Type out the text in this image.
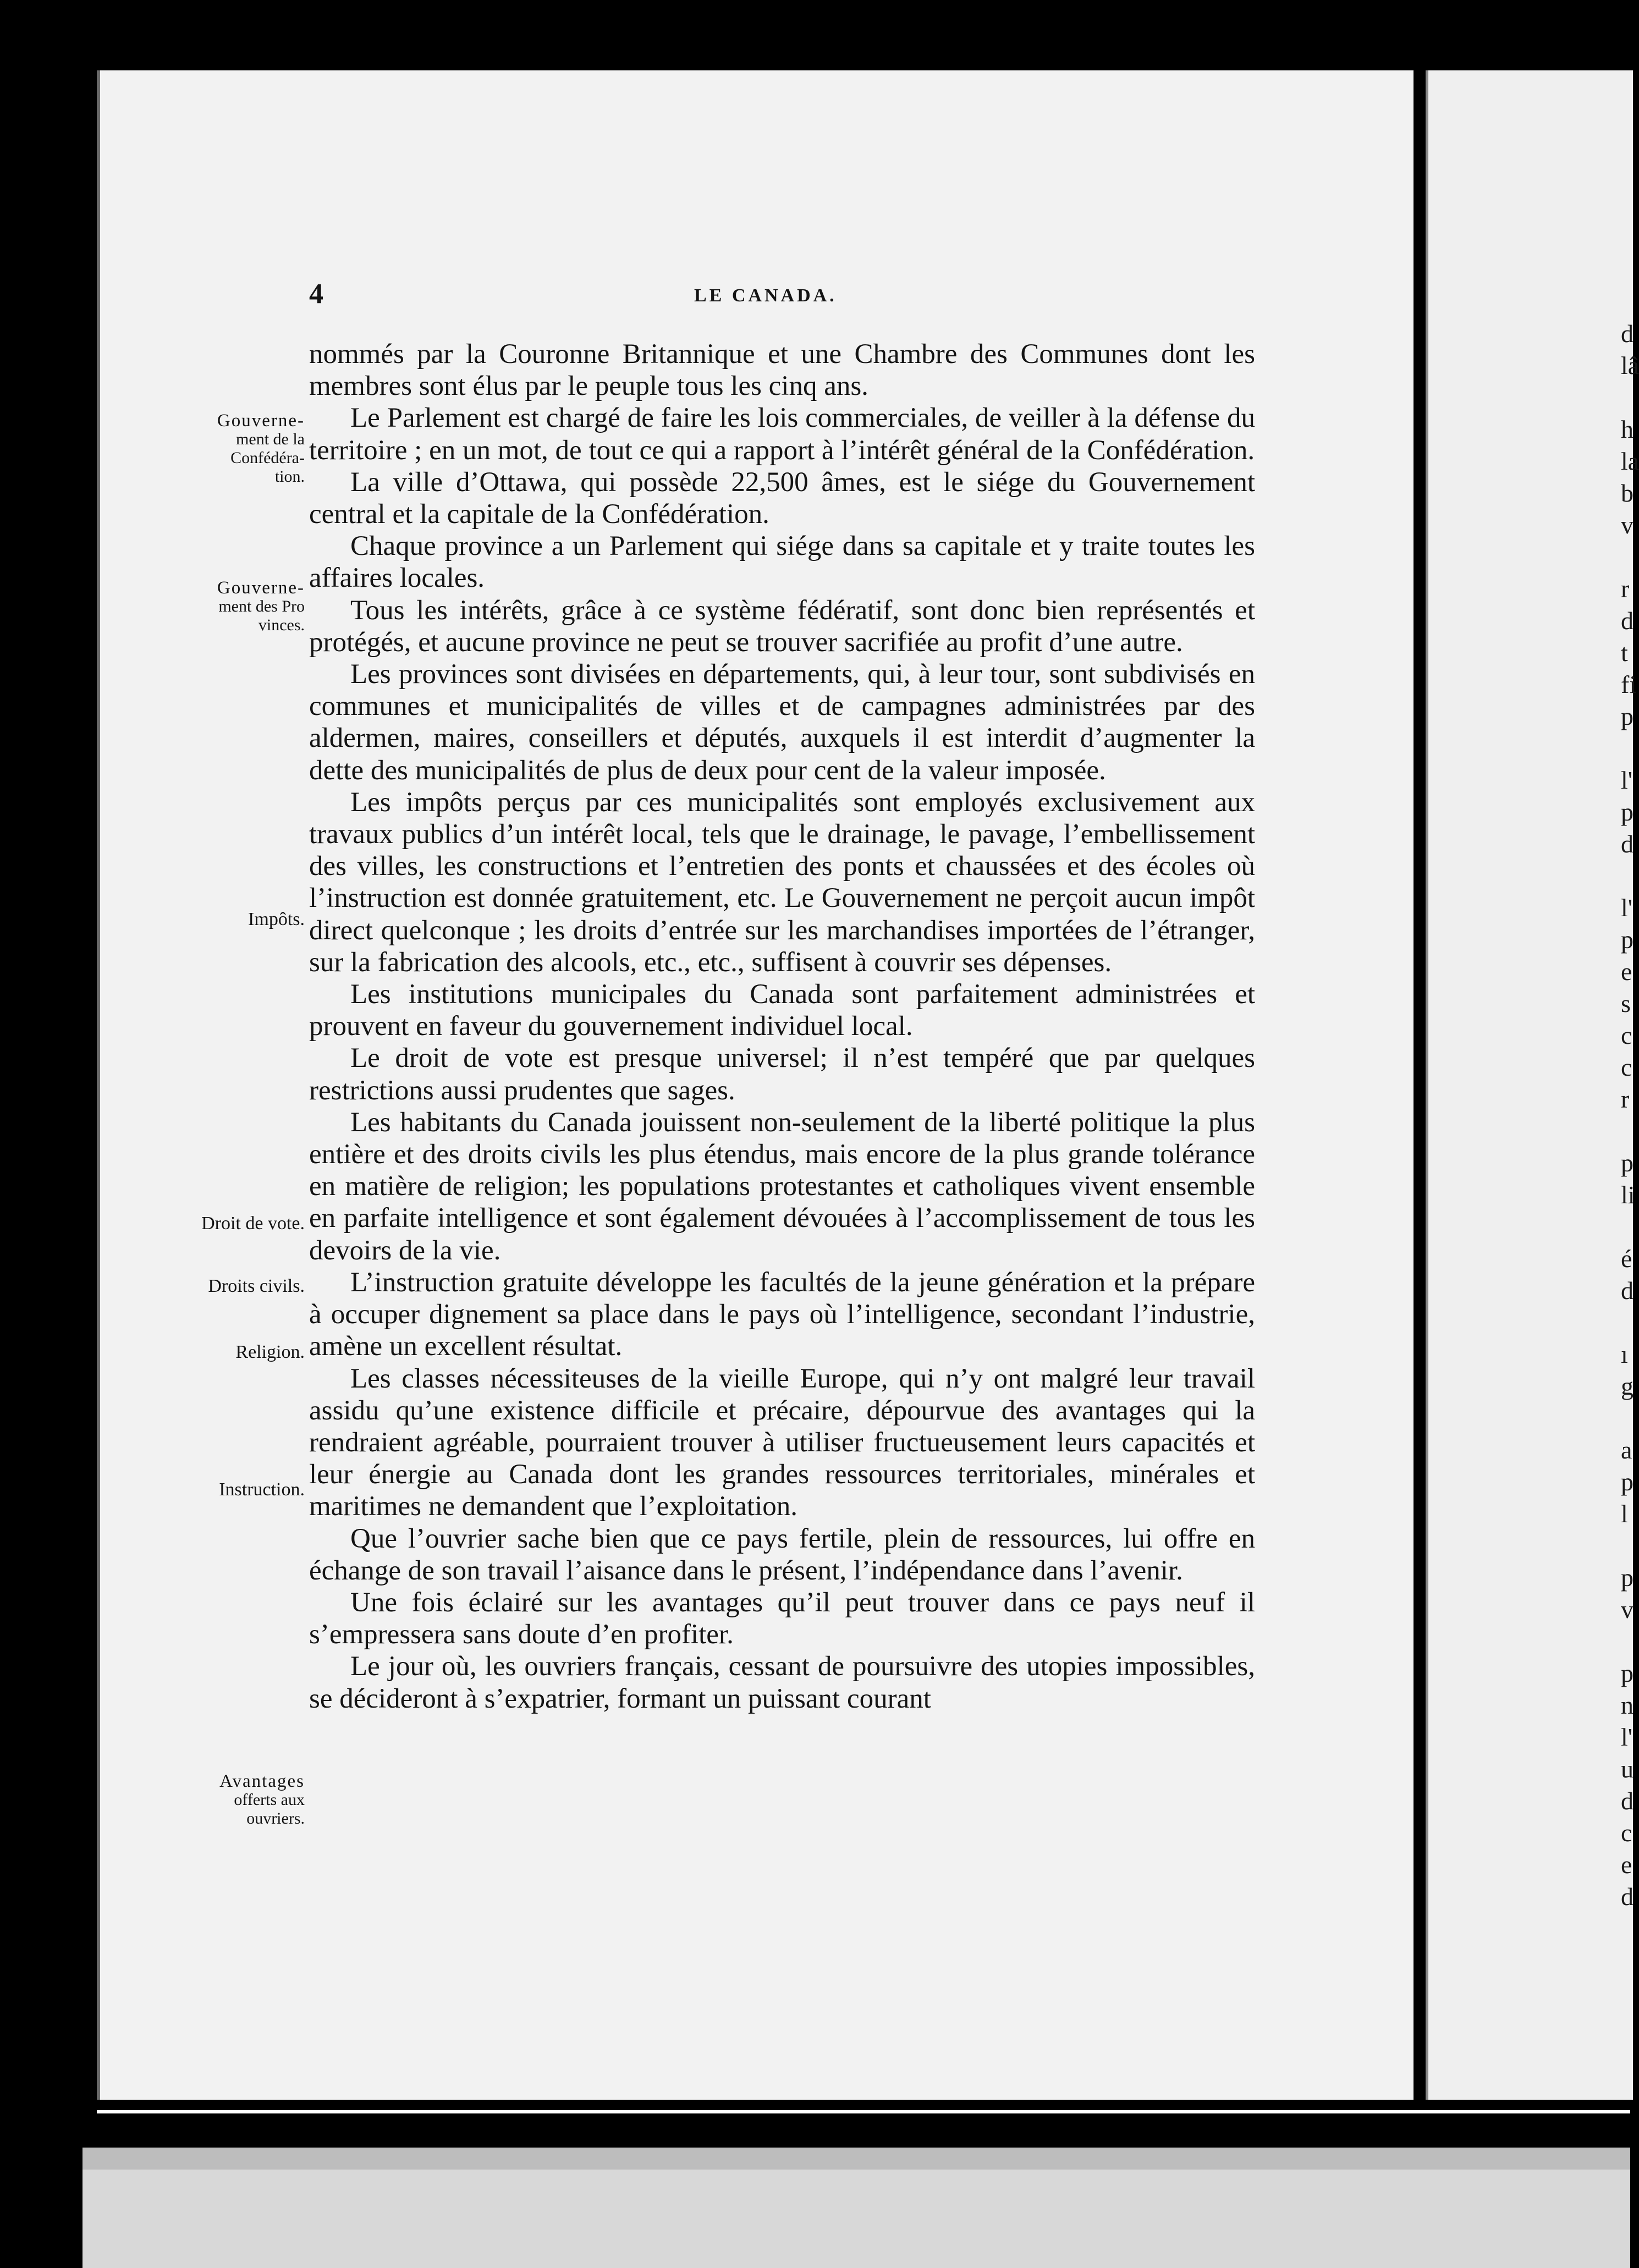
d
lâ

h
la
b
v

r
d
t
fi
p

l'
p
d

l'
p
e
s
c
c
r

p
li

é
d

ı
g

a
p
l

p
v

p
n
l'
u
d
c
e
d
4	LE CANADA.
Gouverne-
ment de la
Confédéra-
tion.
Gouverne-
ment des Pro
vinces.
Impôts.
Droit de vote.
Droits civils.
Religion.
Instruction.
Avantages
offerts aux
ouvriers.

nommés par la Couronne Britannique et une Chambre des Communes dont les membres sont élus par le peuple tous les cinq ans.

Le Parlement est chargé de faire les lois commerciales, de veiller à la défense du territoire ; en un mot, de tout ce qui a rapport à l’intérêt général de la Confédération.

La ville d’Ottawa, qui possède 22,500 âmes, est le siége du Gouvernement central et la capitale de la Confédération.

Chaque province a un Parlement qui siége dans sa capitale et y traite toutes les affaires locales.

Tous les intérêts, grâce à ce système fédératif, sont donc bien représentés et protégés, et aucune province ne peut se trouver sacrifiée au profit d’une autre.

Les provinces sont divisées en départements, qui, à leur tour, sont subdivisés en communes et municipalités de villes et de campagnes administrées par des aldermen, maires, conseillers et députés, auxquels il est interdit d’augmenter la dette des municipalités de plus de deux pour cent de la valeur imposée.

Les impôts perçus par ces municipalités sont employés exclusivement aux travaux publics d’un intérêt local, tels que le drainage, le pavage, l’embellissement des villes, les constructions et l’entretien des ponts et chaussées et des écoles où l’instruction est donnée gratuitement, etc. Le Gouvernement ne perçoit aucun impôt direct quelconque ; les droits d’entrée sur les marchandises importées de l’étranger, sur la fabrication des alcools, etc., etc., suffisent à couvrir ses dépenses.

Les institutions municipales du Canada sont parfaitement administrées et prouvent en faveur du gouvernement individuel local.

Le droit de vote est presque universel; il n’est tempéré que par quelques restrictions aussi prudentes que sages.

Les habitants du Canada jouissent non-seulement de la liberté politique la plus entière et des droits civils les plus étendus, mais encore de la plus grande tolérance en matière de religion; les populations protestantes et catholiques vivent ensemble en parfaite intelligence et sont également dévouées à l’accomplissement de tous les devoirs de la vie.

L’instruction gratuite développe les facultés de la jeune génération et la prépare à occuper dignement sa place dans le pays où l’intelligence, secondant l’industrie, amène un excellent résultat.

Les classes nécessiteuses de la vieille Europe, qui n’y ont malgré leur travail assidu qu’une existence difficile et précaire, dépourvue des avantages qui la rendraient agréable, pourraient trouver à utiliser fructueusement leurs capacités et leur énergie au Canada dont les grandes ressources territoriales, minérales et maritimes ne demandent que l’exploitation.

Que l’ouvrier sache bien que ce pays fertile, plein de ressources, lui offre en échange de son travail l’aisance dans le présent, l’indépendance dans l’avenir.

Une fois éclairé sur les avantages qu’il peut trouver dans ce pays neuf il s’empressera sans doute d’en profiter.

Le jour où, les ouvriers français, cessant de poursuivre des utopies impossibles, se décideront à s’expatrier, formant un puissant courant
